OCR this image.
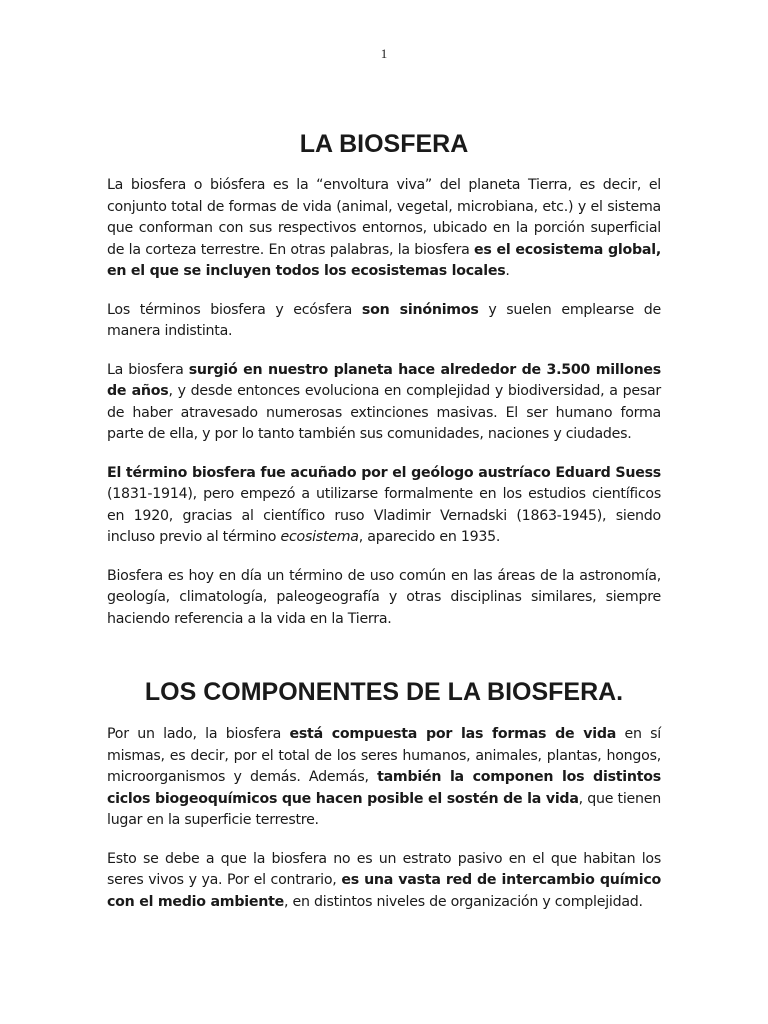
1
LA BIOSFERA

La biosfera o biósfera es la “envoltura viva” del planeta Tierra, es decir, el conjunto total de formas de vida (animal, vegetal, microbiana, etc.) y el sistema que conforman con sus respectivos entornos, ubicado en la porción superficial de la corteza terrestre. En otras palabras, la biosfera es el ecosistema global, en el que se incluyen todos los ecosistemas locales.

Los términos biosfera y ecósfera son sinónimos y suelen emplearse de manera indistinta.

La biosfera surgió en nuestro planeta hace alrededor de 3.500 millones de años, y desde entonces evoluciona en complejidad y biodiversidad, a pesar de haber atravesado numerosas extinciones masivas. El ser humano forma parte de ella, y por lo tanto también sus comunidades, naciones y ciudades.

El término biosfera fue acuñado por el geólogo austríaco Eduard Suess (1831-1914), pero empezó a utilizarse formalmente en los estudios científicos en 1920, gracias al científico ruso Vladimir Vernadski (1863-1945), siendo incluso previo al término ecosistema, aparecido en 1935.

Biosfera es hoy en día un término de uso común en las áreas de la astronomía, geología, climatología, paleogeografía y otras disciplinas similares, siempre haciendo referencia a la vida en la Tierra.

LOS COMPONENTES DE LA BIOSFERA.

Por un lado, la biosfera está compuesta por las formas de vida en sí mismas, es decir, por el total de los seres humanos, animales, plantas, hongos, microorganismos y demás. Además, también la componen los distintos ciclos biogeoquímicos que hacen posible el sostén de la vida, que tienen lugar en la superficie terrestre.

Esto se debe a que la biosfera no es un estrato pasivo en el que habitan los seres vivos y ya. Por el contrario, es una vasta red de intercambio químico con el medio ambiente, en distintos niveles de organización y complejidad.
